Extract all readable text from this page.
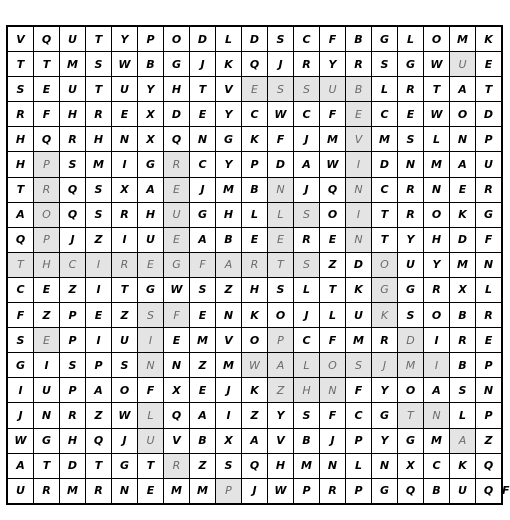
V	Q	U	T	Y	P	O	D	L	D	S	C	F	B	G	L	O	M	K	
T	T	M	S	W	B	G	J	K	Q	J	R	Y	R	S	G	W	U	E	
S	E	U	T	U	Y	H	T	V	E	S	S	U	B	L	R	T	A	T	
R	F	H	R	E	X	D	E	Y	C	W	C	F	E	C	E	W	O	D	
H	Q	R	H	N	X	Q	N	G	K	F	J	M	V	M	S	L	N	P	
H	P	S	M	I	G	R	C	Y	P	D	A	W	I	D	N	M	A	U	
T	R	Q	S	X	A	E	J	M	B	N	J	Q	N	C	R	N	E	R	
A	O	Q	S	R	H	U	G	H	L	L	S	O	I	T	R	O	K	G	
Q	P	J	Z	I	U	E	A	B	E	E	R	E	N	T	Y	H	D	F	
T	H	C	I	R	E	G	F	A	R	T	S	Z	D	O	U	Y	M	N	
C	E	Z	I	T	G	W	S	Z	H	S	L	T	K	G	G	R	X	L	
F	Z	P	E	Z	S	F	E	N	K	O	J	L	U	K	S	O	B	R	
S	E	P	I	U	I	E	M	V	O	P	C	F	M	R	D	I	R	E	
G	I	S	P	S	N	N	Z	M	W	A	L	O	S	J	M	I	B	P	
I	U	P	A	O	F	X	E	J	K	Z	H	N	F	Y	O	A	S	N	
J	N	R	Z	W	L	Q	A	I	Z	Y	S	F	C	G	T	N	L	P	
W	G	H	Q	J	U	V	B	X	A	V	B	J	P	Y	G	M	A	Z	
A	T	D	T	G	T	R	Z	S	Q	H	M	N	L	N	X	C	K	Q	
U	R	M	R	N	E	M	M	P	J	W	P	R	P	G	Q	B	U	Q	F
